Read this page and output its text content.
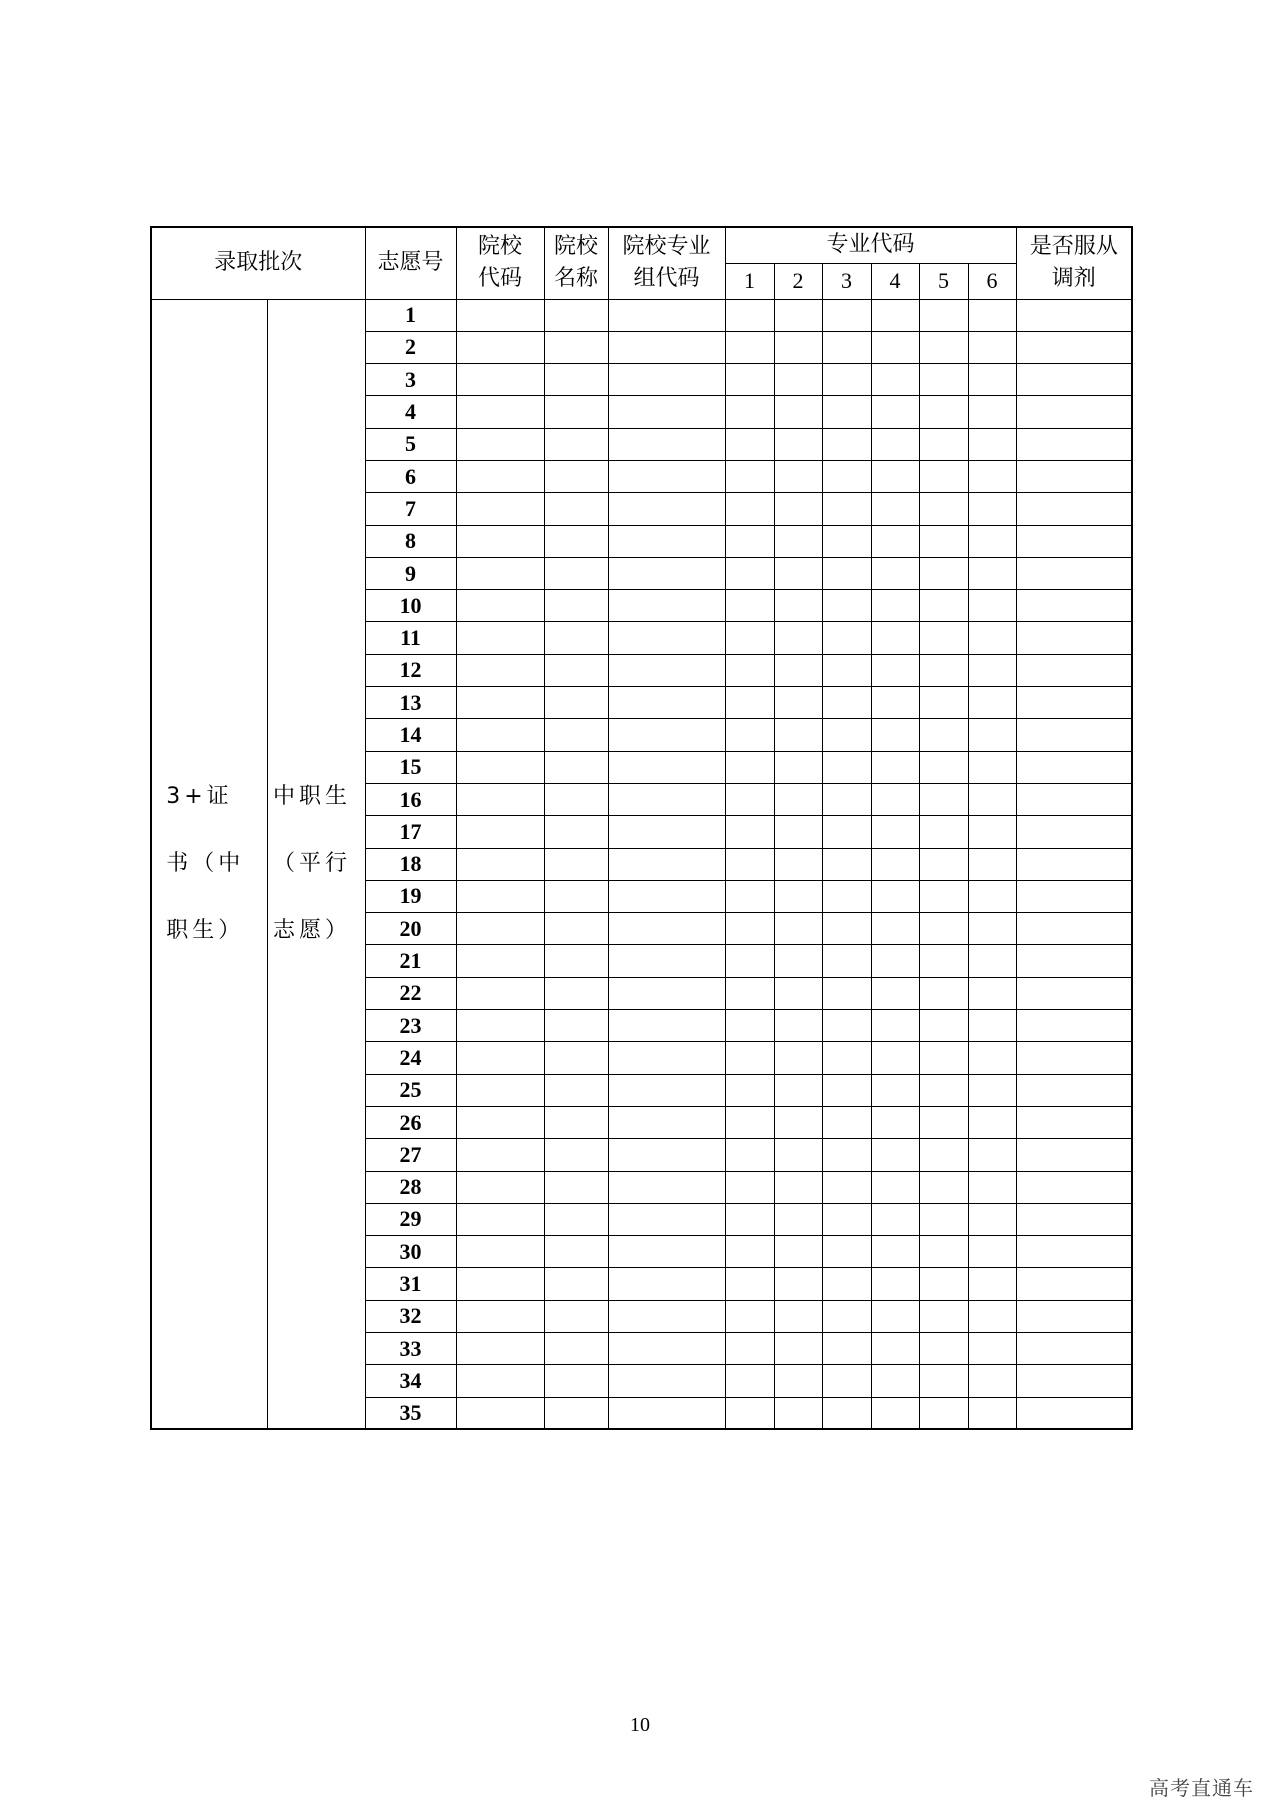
录取批次		志愿号	院校代码	院校名称	院校专业组代码	专业代码						是否服从调剂

						1	2	3	4	5	6	
3+证书（中职生）	中职生（平行志愿）	1										
		2										
		3										
		4										
		5										
		6										
		7										
		8										
		9										
		10										
		11										
		12										
		13										
		14										
		15										
		16										
		17										
		18										
		19										
		20										
		21										
		22										
		23										
		24										
		25										
		26										
		27										
		28										
		29										
		30										
		31										
		32										
		33										
		34										
		35										
10
高考直通车
